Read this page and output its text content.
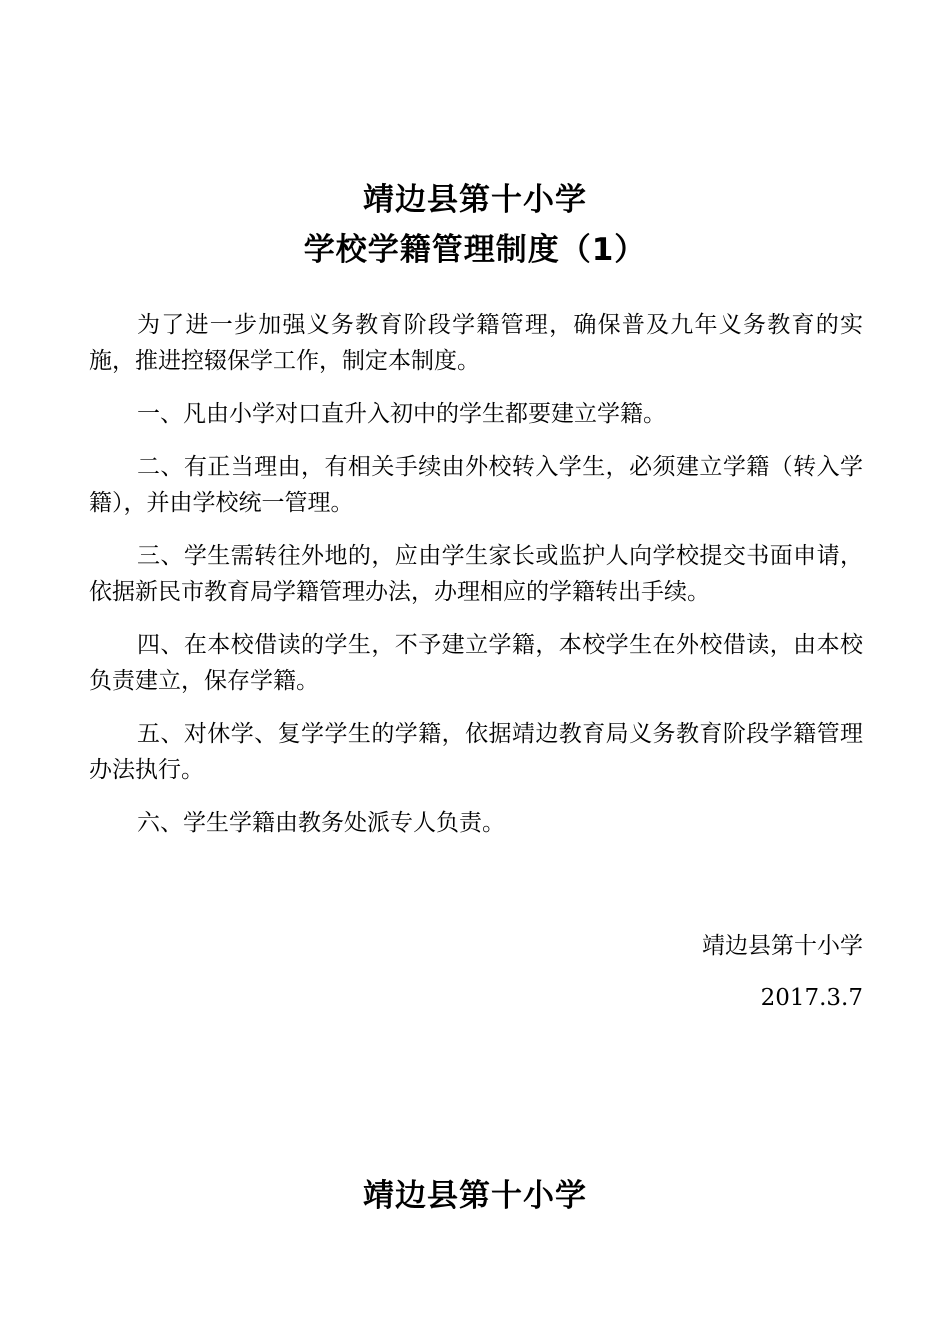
靖边县第十小学
学校学籍管理制度（1）

为了进一步加强义务教育阶段学籍管理，确保普及九年义务教育的实施，推进控辍保学工作，制定本制度。

一、凡由小学对口直升入初中的学生都要建立学籍。

二、有正当理由，有相关手续由外校转入学生，必须建立学籍（转入学籍），并由学校统一管理。

三、学生需转往外地的，应由学生家长或监护人向学校提交书面申请，依据新民市教育局学籍管理办法，办理相应的学籍转出手续。

四、在本校借读的学生，不予建立学籍，本校学生在外校借读，由本校负责建立，保存学籍。

五、对休学、复学学生的学籍，依据靖边教育局义务教育阶段学籍管理办法执行。

六、学生学籍由教务处派专人负责。

靖边县第十小学
2017.3.7
靖边县第十小学
